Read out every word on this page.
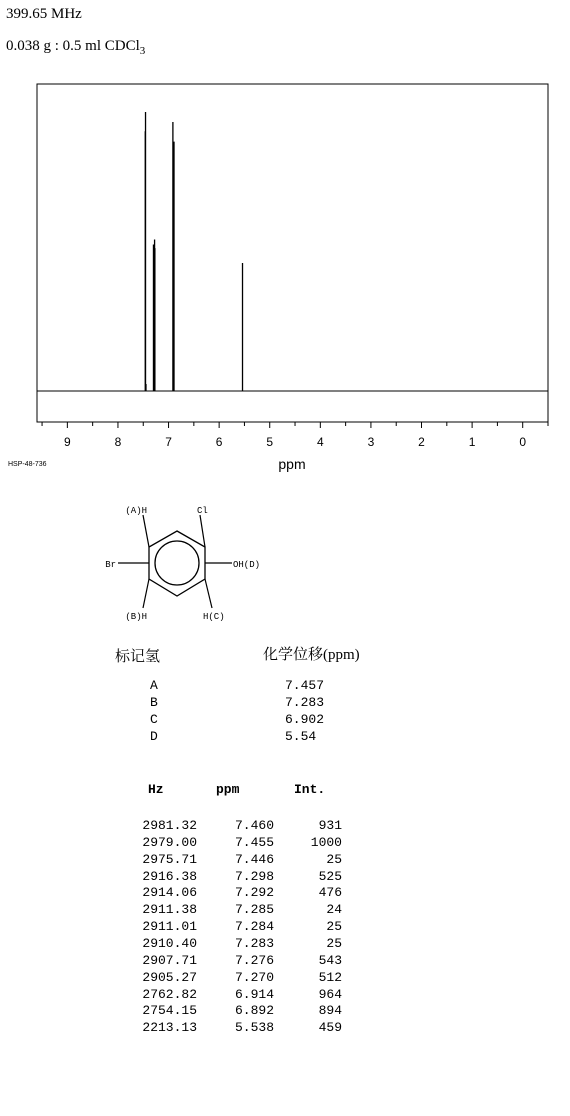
399.65 MHz
0.038 g : 0.5 ml CDCl$_3$
9	8	7	6	5	4	3	2	1	0
ppm
HSP-48-736
(A)H	Cl
Br	OH(D)
(B)H	H(C)
标记氢	化学位移(ppm)
A	7.457
B	7.283
C	6.902
D	5.54
Hz	ppm	Int.
2981.32	7.460	931
2979.00	7.455	1000
2975.71	7.446	25
2916.38	7.298	525
2914.06	7.292	476
2911.38	7.285	24
2911.01	7.284	25
2910.40	7.283	25
2907.71	7.276	543
2905.27	7.270	512
2762.82	6.914	964
2754.15	6.892	894
2213.13	5.538	459
